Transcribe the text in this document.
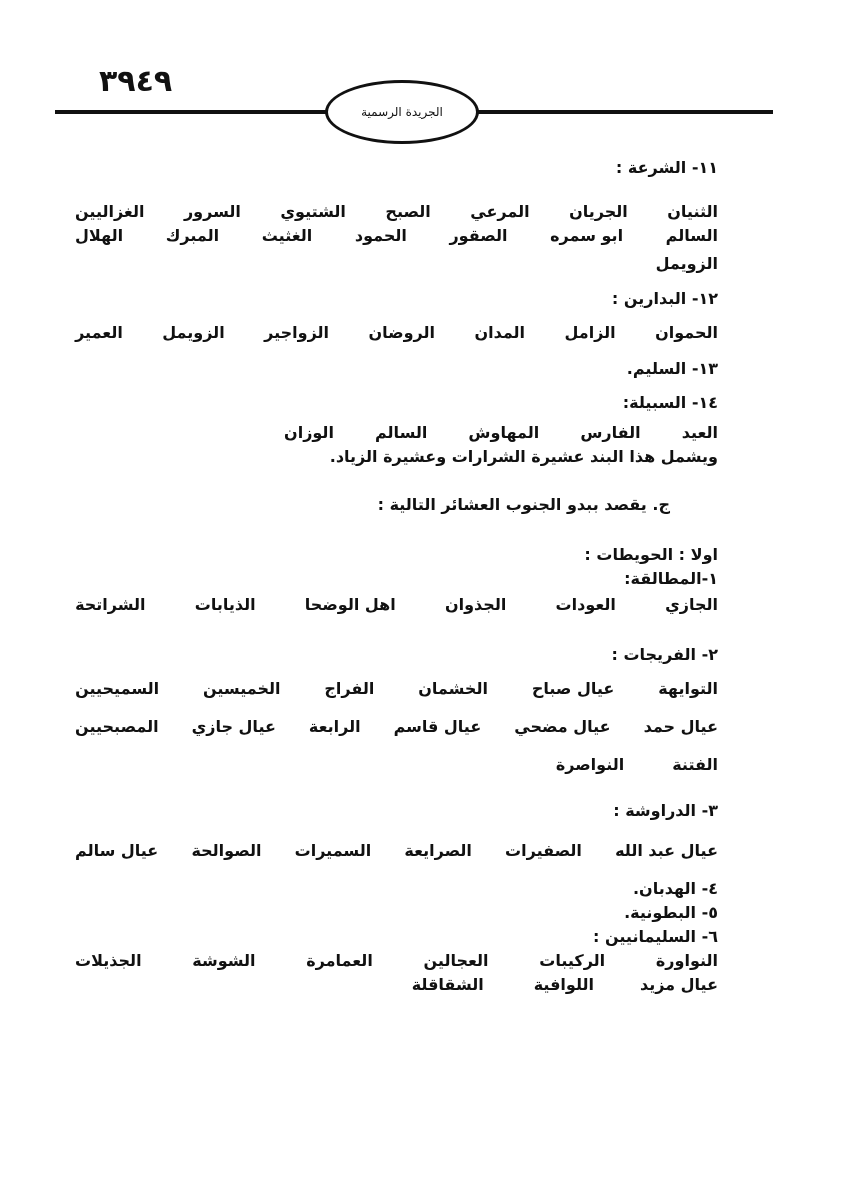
٣٩٤٩
الجريدة الرسمية

١١- الشرعة :

الثنيان
الجريان
المرعي
الصبح
الشتيوي
السرور
الغزاليين
السالم
ابو سمره
الصقور
الحمود
الغثيث
المبرك
الهلال
الزويمل

١٢- البدارين :

الحموان
الزامل
المدان
الروضان
الزواجير
الزويمل
العمير

١٣- السليم.

١٤- السبيلة:

العيد
الفارس
المهاوش
السالم
الوزان

ويشمل هذا البند عشيرة الشرارات وعشيرة الزياد.

ج. يقصد ببدو الجنوب العشائر التالية :

اولا : الحويطات :

١-المطالقة:

الجازي
العودات
الجذوان
اهل الوضحا
الذيابات
الشراتحة

٢- الفريجات :

التوايهة
عيال صباح
الخشمان
الفراج
الخميسين
السميحيين
عيال حمد
عيال مضحي
عيال قاسم
الرابعة
عيال جازي
المصبحيين
الفتنة
النواصرة

٣- الدراوشة :

عيال عبد الله
الصفيرات
الصرايعة
السميرات
الصوالحة
عيال سالم

٤- الهدبان.

٥- البطونية.

٦- السليمانيين :

النواورة
الركيبات
العجالين
العمامرة
الشوشة
الجذيلات
عيال مزيد
اللوافية
الشقاقلة
